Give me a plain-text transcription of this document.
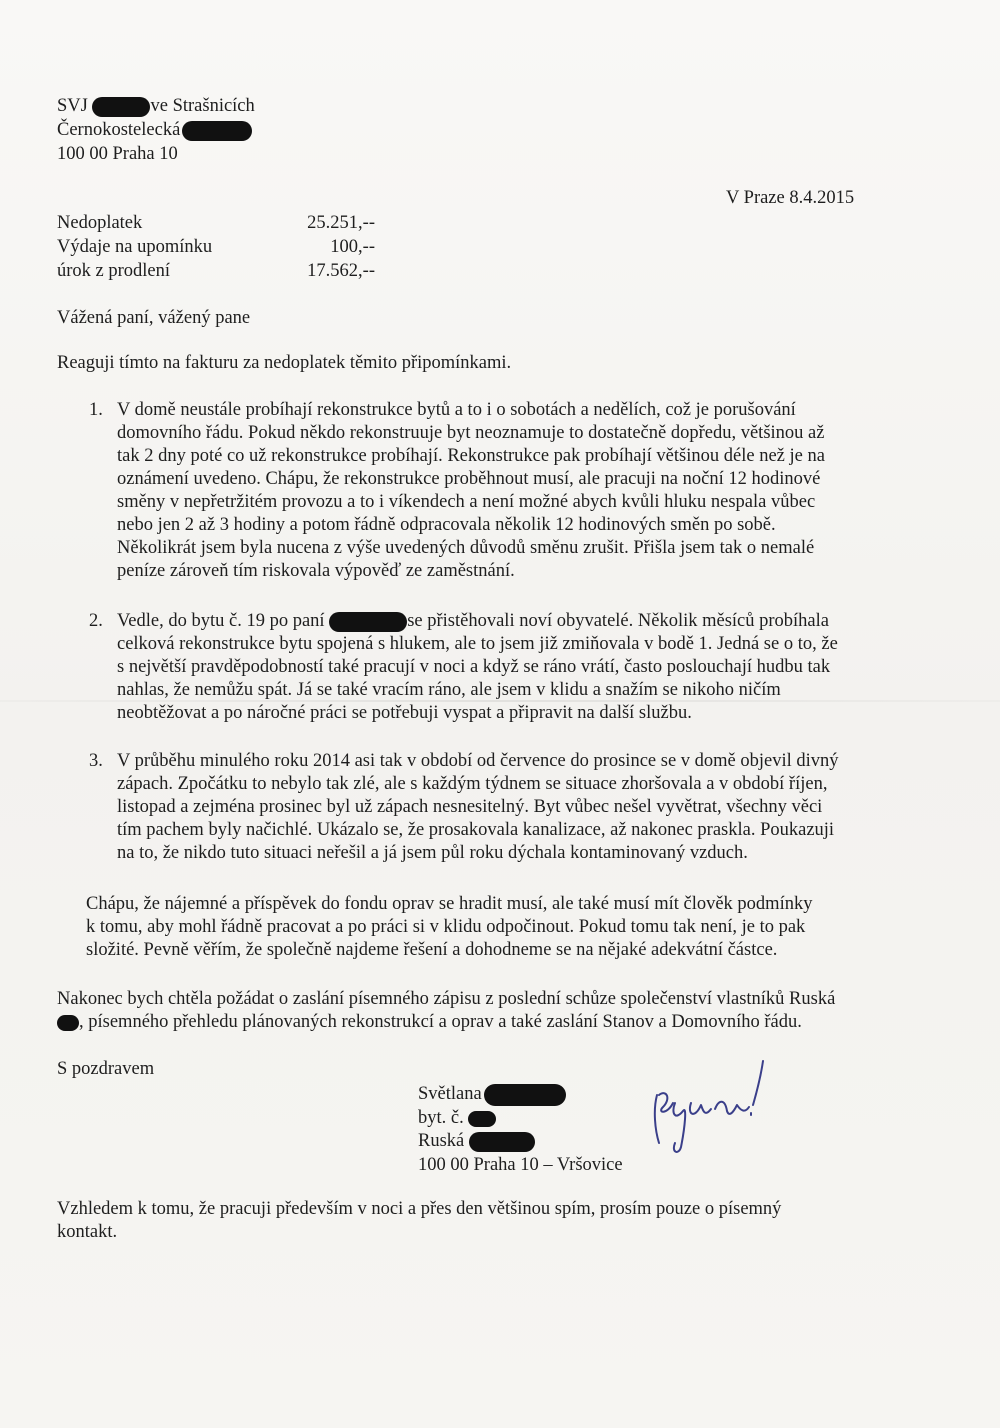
SVJ	ve Strašnicích
Černokostelecká
100 00 Praha 10
V Praze 8.4.2015
Nedoplatek	25.251,--
Výdaje na upomínku	100,--
úrok z prodlení	17.562,--
Vážená paní, vážený pane
Reaguji tímto na fakturu za nedoplatek těmito připomínkami.
1. V domě neustále probíhají rekonstrukce bytů a to i o sobotách a nedělích, což je porušování
domovního řádu. Pokud někdo rekonstruuje byt neoznamuje to dostatečně dopředu, většinou až
tak 2 dny poté co už rekonstrukce probíhají. Rekonstrukce pak probíhají většinou déle než je na
oznámení uvedeno. Chápu, že rekonstrukce proběhnout musí, ale pracuji na noční 12 hodinové
směny v nepřetržitém provozu a to i víkendech a není možné abych kvůli hluku nespala vůbec
nebo jen 2 až 3 hodiny a potom řádně odpracovala několik 12 hodinových směn po sobě.
Několikrát jsem byla nucena z výše uvedených důvodů směnu zrušit. Přišla jsem tak o nemalé
peníze zároveň tím riskovala výpověď ze zaměstnání.
2. Vedle, do bytu č. 19 po paní	se přistěhovali noví obyvatelé. Několik měsíců probíhala
celková rekonstrukce bytu spojená s hlukem, ale to jsem již zmiňovala v bodě 1. Jedná se o to, že
s největší pravděpodobností také pracují v noci a když se ráno vrátí, často poslouchají hudbu tak
nahlas, že nemůžu spát. Já se také vracím ráno, ale jsem v klidu a snažím se nikoho ničím
neobtěžovat a po náročné práci se potřebuji vyspat a připravit na další službu.
3. V průběhu minulého roku 2014 asi tak v období od července do prosince se v domě objevil divný
zápach. Zpočátku to nebylo tak zlé, ale s každým týdnem se situace zhoršovala a v období říjen,
listopad a zejména prosinec byl už zápach nesnesitelný. Byt vůbec nešel vyvětrat, všechny věci
tím pachem byly načichlé. Ukázalo se, že prosakovala kanalizace, až nakonec praskla. Poukazuji
na to, že nikdo tuto situaci neřešil a já jsem půl roku dýchala kontaminovaný vzduch.
Chápu, že nájemné a příspěvek do fondu oprav se hradit musí, ale také musí mít člověk podmínky
k tomu, aby mohl řádně pracovat a po práci si v klidu odpočinout. Pokud tomu tak není, je to pak
složité. Pevně věřím, že společně najdeme řešení a dohodneme se na nějaké adekvátní částce.
Nakonec bych chtěla požádat o zaslání písemného zápisu z poslední schůze společenství vlastníků Ruská
, písemného přehledu plánovaných rekonstrukcí a oprav a také zaslání Stanov a Domovního řádu.
S pozdravem
Světlana
byt. č.
Ruská
100 00 Praha 10 – Vršovice
Vzhledem k tomu, že pracuji především v noci a přes den většinou spím, prosím pouze o písemný
kontakt.
